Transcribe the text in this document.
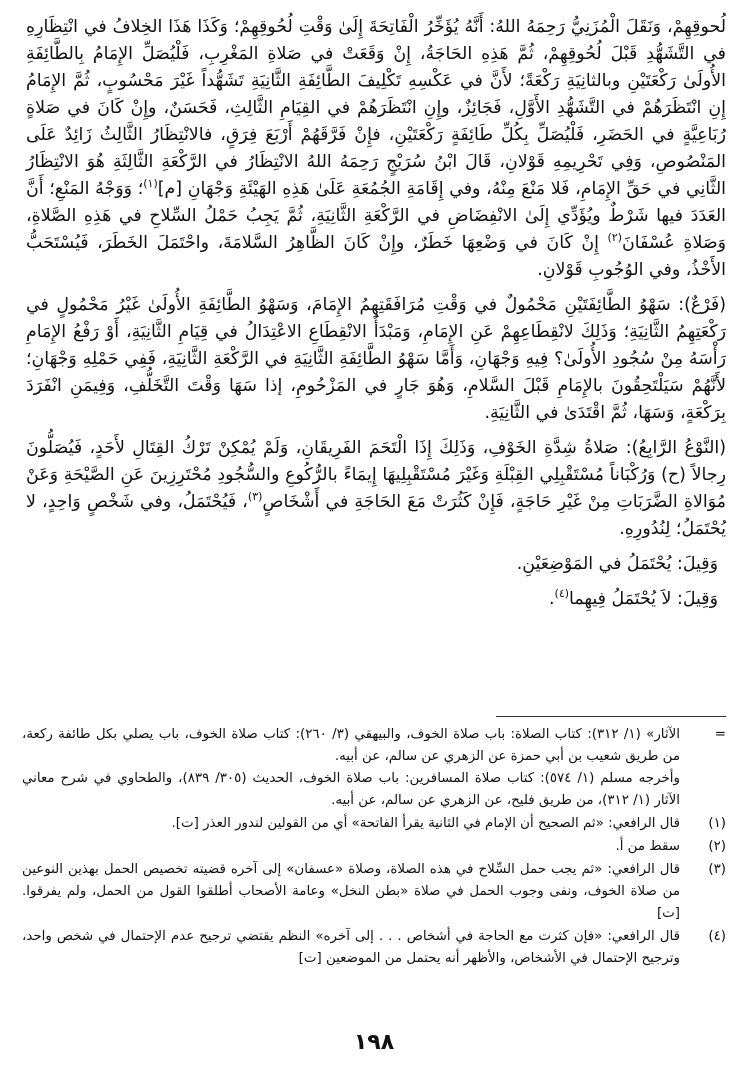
لُحوقِهِمْ، وَنَقَلَ الْمُزَنِيُّ رَحِمَهُ اللهُ: أَنَّهُ يُؤَخِّرُ الْفَاتِحَةَ إِلَىٰ وَقْتِ لُحُوقِهِمْ؛ وَكَذَا هَذَا الخِلافُ في انْتِظَارِهِ في التَّشَهُّدِ قَبْلَ لُحُوقِهِمْ، ثُمَّ هَذِهِ الحَاجَةُ، إِنْ وَقَعَتْ في صَلاةِ المَغْرِبِ، فَلْيُصَلِّ الإِمَامُ بِالطَّائِفَةِ الأُولَىٰ رَكْعَتَيْنِ وبالثانِيَةِ رَكْعَةً؛ لأَنَّ في عَكْسِهِ تَكْلِيفَ الطَّائِفَةِ الثَّانِيَةِ تَشَهُّداً غَيْرَ مَحْسُوبٍ، ثُمَّ الإِمَامُ إِنِ انْتَظَرَهُمْ في التَّشَهُّدِ الأَوَّلِ، فَجَائِزٌ، وإِنِ انْتَظَرَهُمْ في القِيَامِ الثَّالِثِ، فَحَسَنٌ، وإِنْ كَانَ في صَلاةٍ رُبَاعِيَّةٍ في الحَضَرِ، فَلْيُصَلِّ بِكُلِّ طَائِفَةٍ رَكْعَتَيْنِ، فإِنْ فَرَّقَهُمْ أَرْبَعَ فِرَقٍ، فالانْتِظَارُ الثَّالِثُ زَائِدٌ عَلَى المَنْصُوصِ، وَفِي تَحْرِيمِهِ قَوْلانِ، قَالَ ابْنُ سُرَيْجٍ رَحِمَهُ اللهُ الانْتِظَارُ في الرَّكْعَةِ الثَّالِثَةِ هُوَ الانْتِظَارُ الثَّانِي في حَقِّ الإِمَامِ، فَلا مَنْعَ مِنْهُ، وفي إِقَامَةِ الجُمُعَةِ عَلَىٰ هَذِهِ الهَيْئَةِ وَجْهَانِ [م]$^{(١)}$؛ وَوَجْهُ المَنْعِ؛ أَنَّ العَدَدَ فيها شَرْطٌ ويُؤَدِّي إِلَىٰ الانْفِضَاضِ في الرَّكْعَةِ الثَّانِيَةِ، ثُمَّ يَجِبُ حَمْلُ السِّلاحِ في هَذِهِ الصَّلاةِ، وَصَلاةِ عُسْفَانَ$^{(٢)}$ إِنْ كَانَ في وَضْعِهَا خَطَرٌ، وإِنْ كَانَ الظَّاهِرُ السَّلامَةَ، واحْتَمَلَ الخَطَرَ، فَيُسْتَحَبُّ الأَخْذُ، وفي الوُجُوبِ قَوْلانِ.

(فَرْعٌ): سَهْوُ الطَّائِفَتَيْنِ مَحْمُولٌ في وَقْتِ مُرَافَقَتِهِمُ الإِمَامَ، وَسَهْوُ الطَّائِفَةِ الأُولَىٰ غَيْرُ مَحْمُولٍ في رَكْعَتِهِمُ الثَّانِيَةِ؛ وَذَلِكَ لانْقِطَاعِهِمْ عَنِ الإِمَامِ، وَمَبْدَأُ الانْقِطَاعِ الاعْتِدَالُ في قِيَامِ الثَّانِيَةِ، أَوْ رَفْعُ الإِمَامِ رَأْسَهُ مِنْ سُجُودِ الأُولَىٰ؟ فِيهِ وَجْهَانِ، وَأَمَّا سَهْوُ الطَّائِفَةِ الثَّانِيَةِ في الرَّكْعَةِ الثَّانِيَةِ، فَفِي حَمْلِهِ وَجْهَانِ؛ لأَنَّهُمْ سَيَلْتَحِقُونَ بالإِمَامِ قَبْلَ السَّلامِ، وَهُوَ جَارٍ في المَزْحُومِ، إذا سَهَا وَقْتَ التَّخَلُّفِ، وَفِيمَنِ انْفَرَدَ بِرَكْعَةٍ، وَسَهَا، ثُمَّ اقْتَدَىٰ في الثَّانِيَةِ.

(النَّوْعُ الرَّابِعُ): صَلاةُ شِدَّةِ الخَوْفِ، وَذَلِكَ إِذَا الْتَحَمَ الفَرِيقَانِ، وَلَمْ يُمْكِنْ تَرْكُ القِتَالِ لأَحَدٍ، فَيُصَلُّونَ رِجالاً (ح) وَرُكْبَاناً مُسْتَقْبِلِي القِبْلَةِ وَغَيْرَ مُسْتَقْبِلِيهَا إِيمَاءً بالرُّكُوعِ والسُّجُودِ مُحْتَرِزِينَ عَنِ الصَّيْحَةِ وَعَنْ مُوَالاةِ الضَّرَبَاتِ مِنْ غَيْرِ حَاجَةٍ، فَإِنْ كَثُرَتْ مَعَ الحَاجَةِ في أَشْخَاصٍ$^{(٣)}$، فَيُحْتَمَلُ، وفي شَخْصٍ وَاحِدٍ، لا يُحْتَمَلُ؛ لِنُدُورِهِ.

وَقِيلَ: يُحْتَمَلُ في المَوْضِعَيْنِ.

وَقِيلَ: لاَ يُحْتَمَلُ فِيهِما$^{(٤)}$.

=
الآثار» (١/ ٣١٢): كتاب الصلاة: باب صلاة الخوف، والبيهقي (٣/ ٢٦٠): كتاب صلاة الخوف، باب يصلي بكل طائفة ركعة، من طريق شعيب بن أبي حمزة عن الزهري عن سالم، عن أبيه.
وأخرجه مسلم (١/ ٥٧٤): كتاب صلاة المسافرين: باب صلاة الخوف، الحديث (٣٠٥/ ٨٣٩)، والطحاوي في شرح معاني الآثار (١/ ٣١٢)، من طريق فليح، عن الزهري عن سالم، عن أبيه.
(١)
قال الرافعي: «ثم الصحيح أن الإمام في الثانية يقرأ الفاتحة» أي من القولين لندور العذر [ت].
(٢)
سقط من أ.
(٣)
قال الرافعي: «ثم يجب حمل السِّلاح في هذه الصلاة، وصلاة «عسفان» إلى آخره قضيته تخصيص الحمل بهذين النوعين من صلاة الخوف، ونفى وجوب الحمل في صلاة «بطن النخل» وعامة الأصحاب أطلقوا القول من الحمل، ولم يفرقوا. [ت]
(٤)
قال الرافعي: «فإن كثرت مع الحاجة في أشخاص . . . إلى آخره» النظم يقتضي ترجيح عدم الإحتمال في شخص واحد، وترجيح الإحتمال في الأشخاص، والأظهر أنه يحتمل من الموضعين [ت]
١٩٨
